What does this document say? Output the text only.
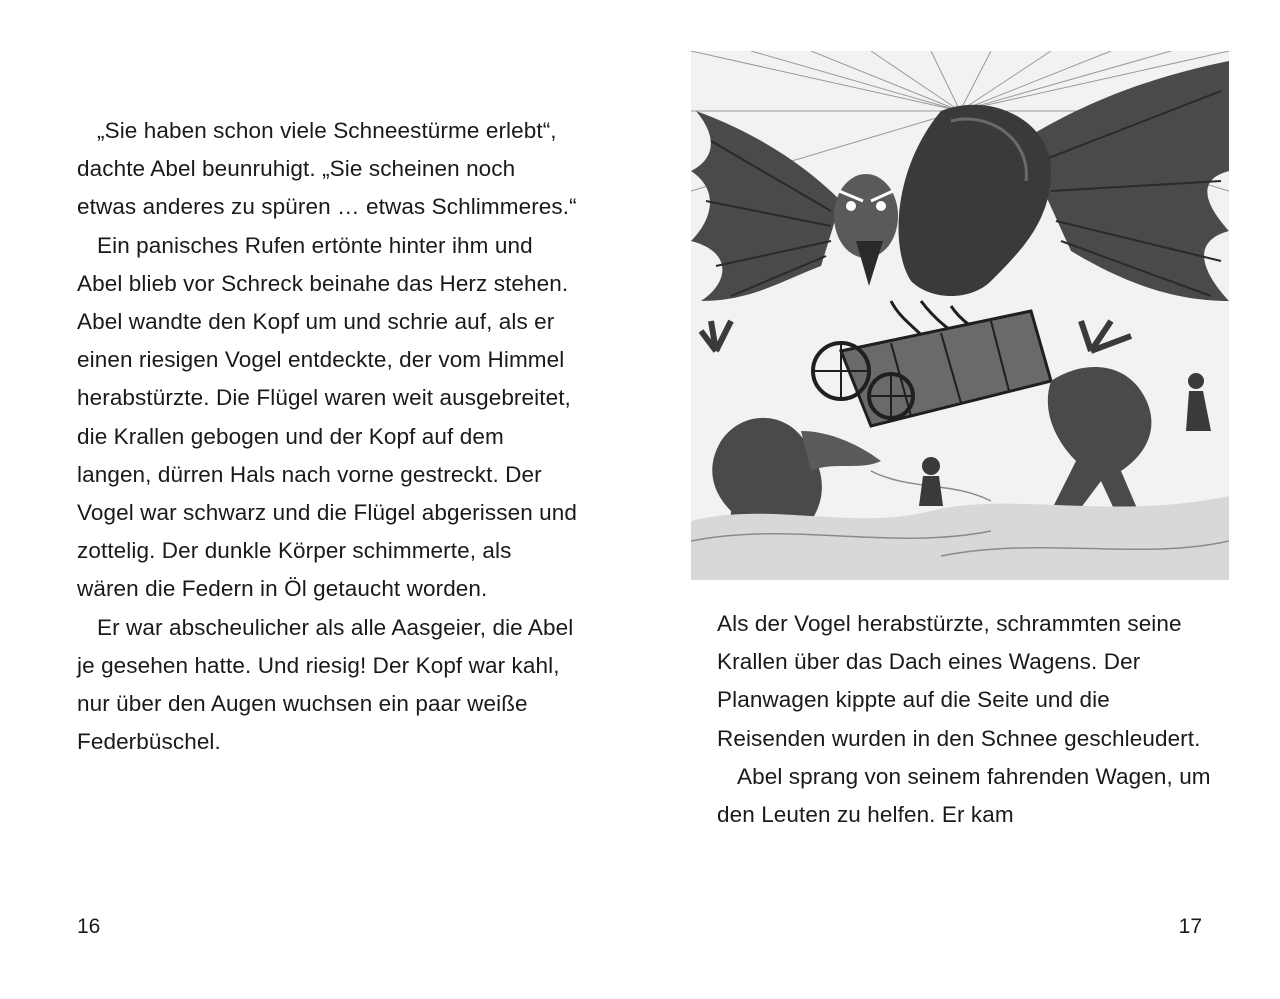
„Sie haben schon viele Schneestürme erlebt“, dachte Abel beunruhigt. „Sie scheinen noch etwas anderes zu spüren … etwas Schlimmeres.“

Ein panisches Rufen ertönte hinter ihm und Abel blieb vor Schreck beinahe das Herz stehen. Abel wandte den Kopf um und schrie auf, als er einen riesigen Vogel entdeckte, der vom Himmel herabstürzte. Die Flügel waren weit ausgebreitet, die Krallen gebogen und der Kopf auf dem langen, dürren Hals nach vorne gestreckt. Der Vogel war schwarz und die Flügel abgerissen und zottelig. Der dunkle Körper schimmerte, als wären die Federn in Öl getaucht worden.

Er war abscheulicher als alle Aasgeier, die Abel je gesehen hatte. Und riesig! Der Kopf war kahl, nur über den Augen wuchsen ein paar weiße Federbüschel.

16

Als der Vogel herabstürzte, schrammten seine Krallen über das Dach eines Wagens. Der Planwagen kippte auf die Seite und die Reisenden wurden in den Schnee geschleudert.

Abel sprang von seinem fahrenden Wagen, um den Leuten zu helfen. Er kam

17
